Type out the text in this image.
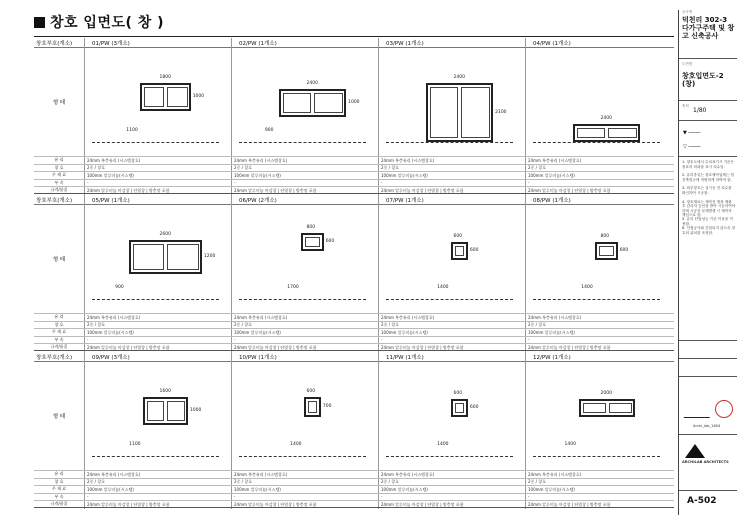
창호 입면도( 창 )
창호부호(개소)
형 태
유 리
창 호
주 재 료
부 속
규격/품질
01/PW (3개소)
1800
1000
1100
24mm 복층유리 (시스템창호)
2중 / 창호
100mm 알루미늄(시스템)
-
24mm 알루미늄 마감창 | 단열창 | 방충망 포함
02/PW (1개소)
2400
1000
900
24mm 복층유리 (시스템창호)
2중 / 창호
100mm 알루미늄(시스템)
-
24mm 알루미늄 마감창 | 단열창 | 방충망 포함
03/PW (1개소)
2400
2100
24mm 복층유리 (시스템창호)
2중 / 창호
100mm 알루미늄(시스템)
-
24mm 알루미늄 마감창 | 단열창 | 방충망 포함
04/PW (1개소)
2400
24mm 복층유리 (시스템창호)
2중 / 창호
100mm 알루미늄(시스템)
-
24mm 알루미늄 마감창 | 단열창 | 방충망 포함
창호부호(개소)
형 태
유 리
창 호
주 재 료
부 속
규격/품질
05/PW (1개소)
2600
1200
900
24mm 복층유리 (시스템창호)
2중 / 창호
100mm 알루미늄(시스템)
-
24mm 알루미늄 마감창 | 단열창 | 방충망 포함
06/PW (2개소)
800
600
1700
24mm 복층유리 (시스템창호)
2중 / 창호
100mm 알루미늄(시스템)
-
24mm 알루미늄 마감창 | 단열창 | 방충망 포함
07/PW (1개소)
600
600
1400
24mm 복층유리 (시스템창호)
2중 / 창호
100mm 알루미늄(시스템)
-
24mm 알루미늄 마감창 | 단열창 | 방충망 포함
08/PW (1개소)
800
600
1400
24mm 복층유리 (시스템창호)
2중 / 창호
100mm 알루미늄(시스템)
-
24mm 알루미늄 마감창 | 단열창 | 방충망 포함
창호부호(개소)
형 태
유 리
창 호
주 재 료
부 속
규격/품질
09/PW (3개소)
1600
1000
1100
24mm 복층유리 (시스템창호)
2중 / 창호
100mm 알루미늄(시스템)
-
24mm 알루미늄 마감창 | 단열창 | 방충망 포함
10/PW (1개소)
600
700
1400
24mm 복층유리 (시스템창호)
2중 / 창호
100mm 알루미늄(시스템)
-
24mm 알루미늄 마감창 | 단열창 | 방충망 포함
11/PW (1개소)
600
600
1400
24mm 복층유리 (시스템창호)
2중 / 창호
100mm 알루미늄(시스템)
-
24mm 알루미늄 마감창 | 단열창 | 방충망 포함
12/PW (1개소)
2000
1400
24mm 복층유리 (시스템창호)
2중 / 창호
100mm 알루미늄(시스템)
-
24mm 알루미늄 마감창 | 단열창 | 방충망 포함
공사명
덕천리 302-3 다가구주택 및 창고 신축공사
도면명
창호입면도-2 (창)
축척
1/80
▼ ────
▽ ────
1. 창호도에서 수치표기시 기준은 창호의 외곽을 표시 치수임.
2. 유리종류는 창호제작업체는 법 건축법규에 적합하게 하여야 함.
3. 외부창호는 실시공 전 치수를 확인하여 시공함.
4. 창호재료는 제작전 샘플 제출 후 감리자 승인을 받아 시공하여야 하며 시공상 문제발생 시 제작자 책임으로 함.
5. 유리 단열성능 기준 이상을 적용함.
6. 인접공사와 간섭되지 않도록 창호의 위치를 조정함.
Archi_lab_1604
ARCHILAB ARCHITECTS
A-502
